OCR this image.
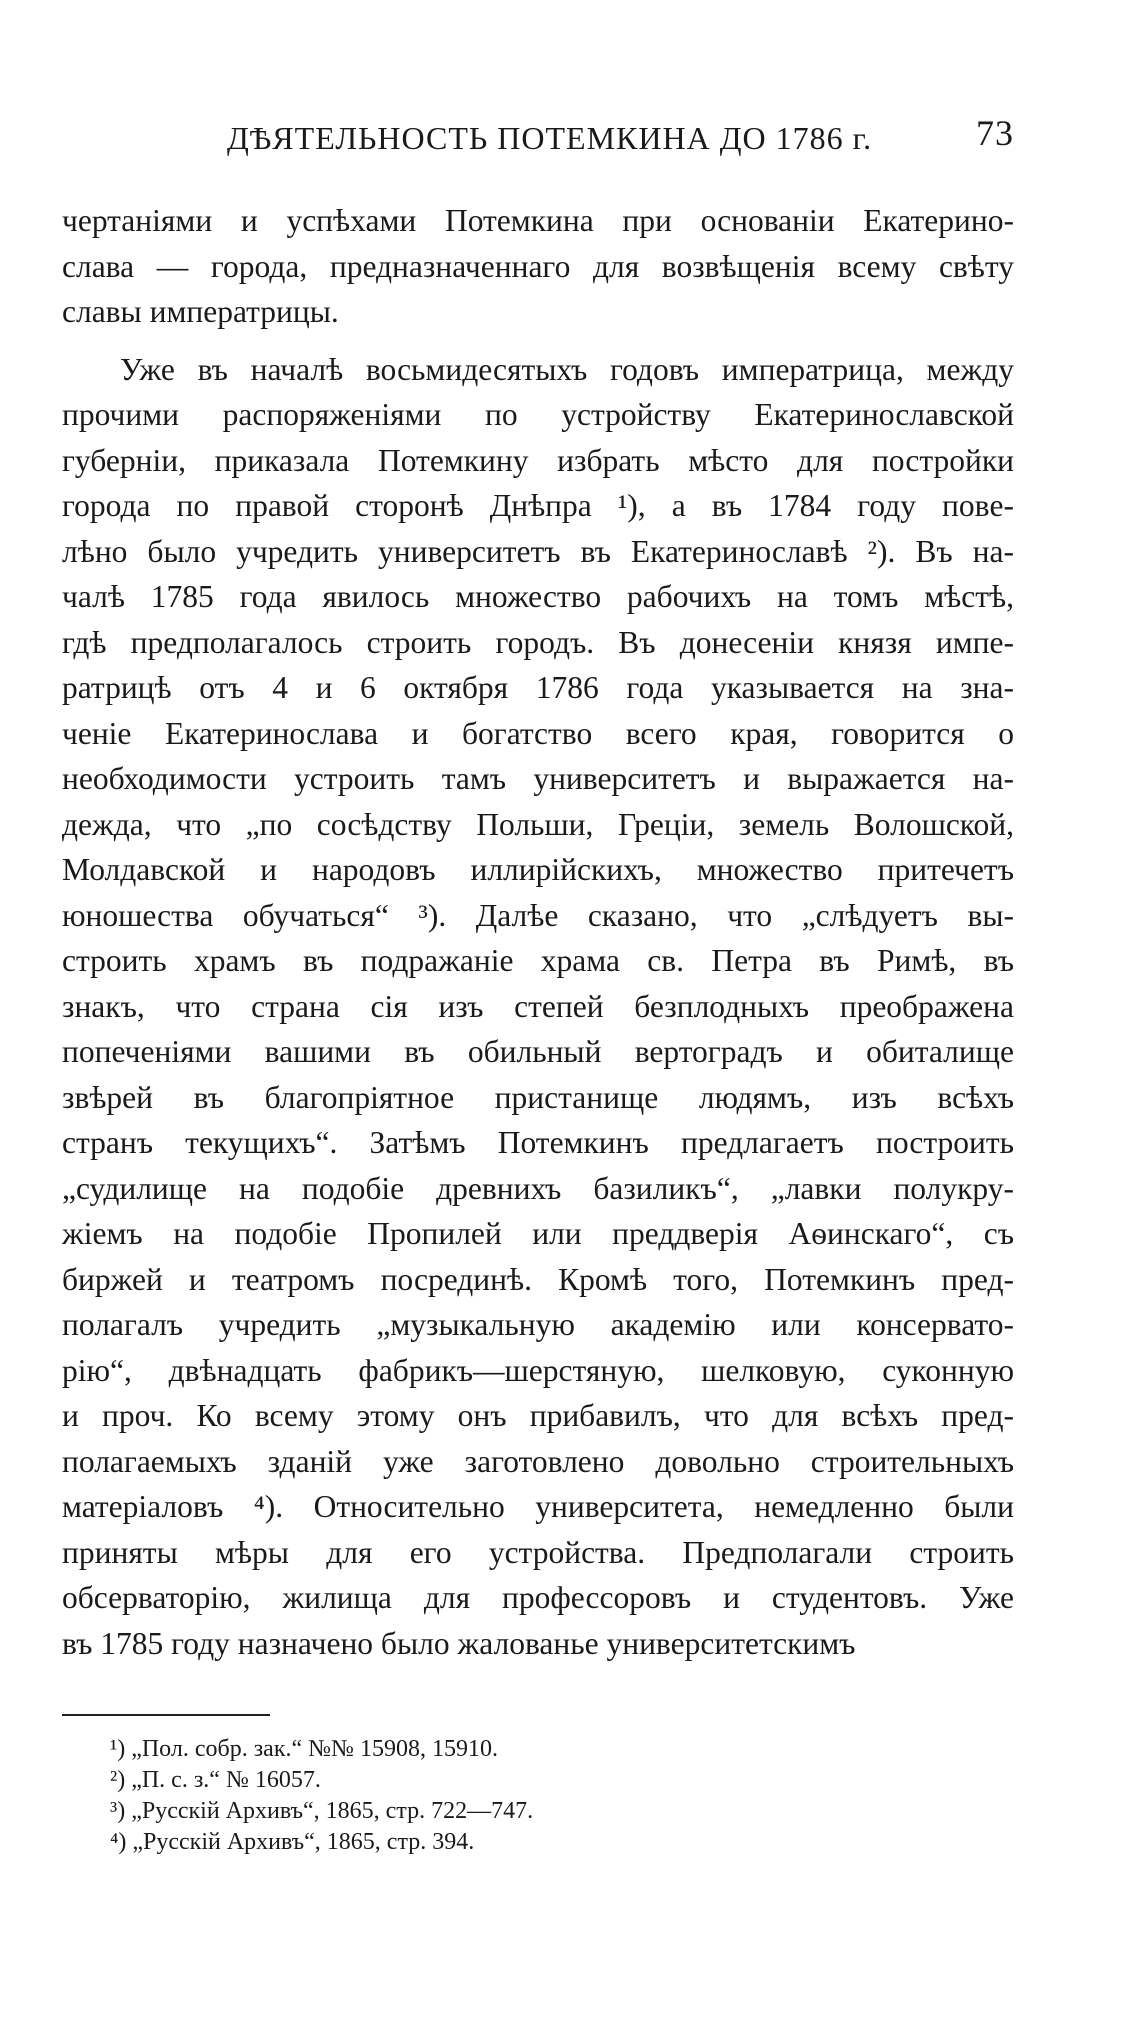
ДѢЯТЕЛЬНОСТЬ ПОТЕМКИНА ДО 1786 г.	73
чертаніями и успѣхами Потемкина при основаніи Екатерино-
слава — города, предназначеннаго для возвѣщенія всему свѣту
славы императрицы.
Уже въ началѣ восьмидесятыхъ годовъ императрица, между
прочими распоряженіями по устройству Екатеринославской
губерніи, приказала Потемкину избрать мѣсто для постройки
города по правой сторонѣ Днѣпра ¹), а въ 1784 году повe-
лѣно было учредить университетъ въ Екатеринославѣ ²). Въ на-
чалѣ 1785 года явилось множество рабочихъ на томъ мѣстѣ,
гдѣ предполагалось строить городъ. Въ донесеніи князя импе-
ратрицѣ отъ 4 и 6 октября 1786 года указывается на зна-
ченіе Екатеринослава и богатство всего края, говорится о
необходимости устроить тамъ университетъ и выражается на-
дежда, что „по сосѣдству Польши, Греціи, земель Волошской,
Молдавской и народовъ иллирійскихъ, множество притечетъ
юношества обучаться“ ³). Далѣе сказано, что „слѣдуетъ вы-
строить храмъ въ подражаніе храма св. Петра въ Римѣ, въ
знакъ, что страна сія изъ степей безплодныхъ преображена
попеченіями вашими въ обильный вертоградъ и обиталище
звѣрей въ благопріятное пристанище людямъ, изъ всѣхъ
странъ текущихъ“. Затѣмъ Потемкинъ предлагаетъ построить
„судилище на подобіе древнихъ базиликъ“, „лавки полукру-
жіемъ на подобіе Пропилей или преддверія Аѳинскаго“, съ
биржей и театромъ посрединѣ. Кромѣ того, Потемкинъ пред-
полагалъ учредить „музыкальную академію или консервато-
рію“, двѣнадцать фабрикъ—шерстяную, шелковую, суконную
и проч. Ко всему этому онъ прибавилъ, что для всѣхъ пред-
полагаемыхъ зданій уже заготовлено довольно строительныхъ
матеріаловъ ⁴). Относительно университета, немедленно были
приняты мѣры для его устройства. Предполагали строить
обсерваторію, жилища для профессоровъ и студентовъ. Уже
въ 1785 году назначено было жалованье университетскимъ
¹) „Пол. собр. зак.“ №№ 15908, 15910.
²) „П. с. з.“ № 16057.
³) „Русскій Архивъ“, 1865, стр. 722—747.
⁴) „Русскій Архивъ“, 1865, стр. 394.
